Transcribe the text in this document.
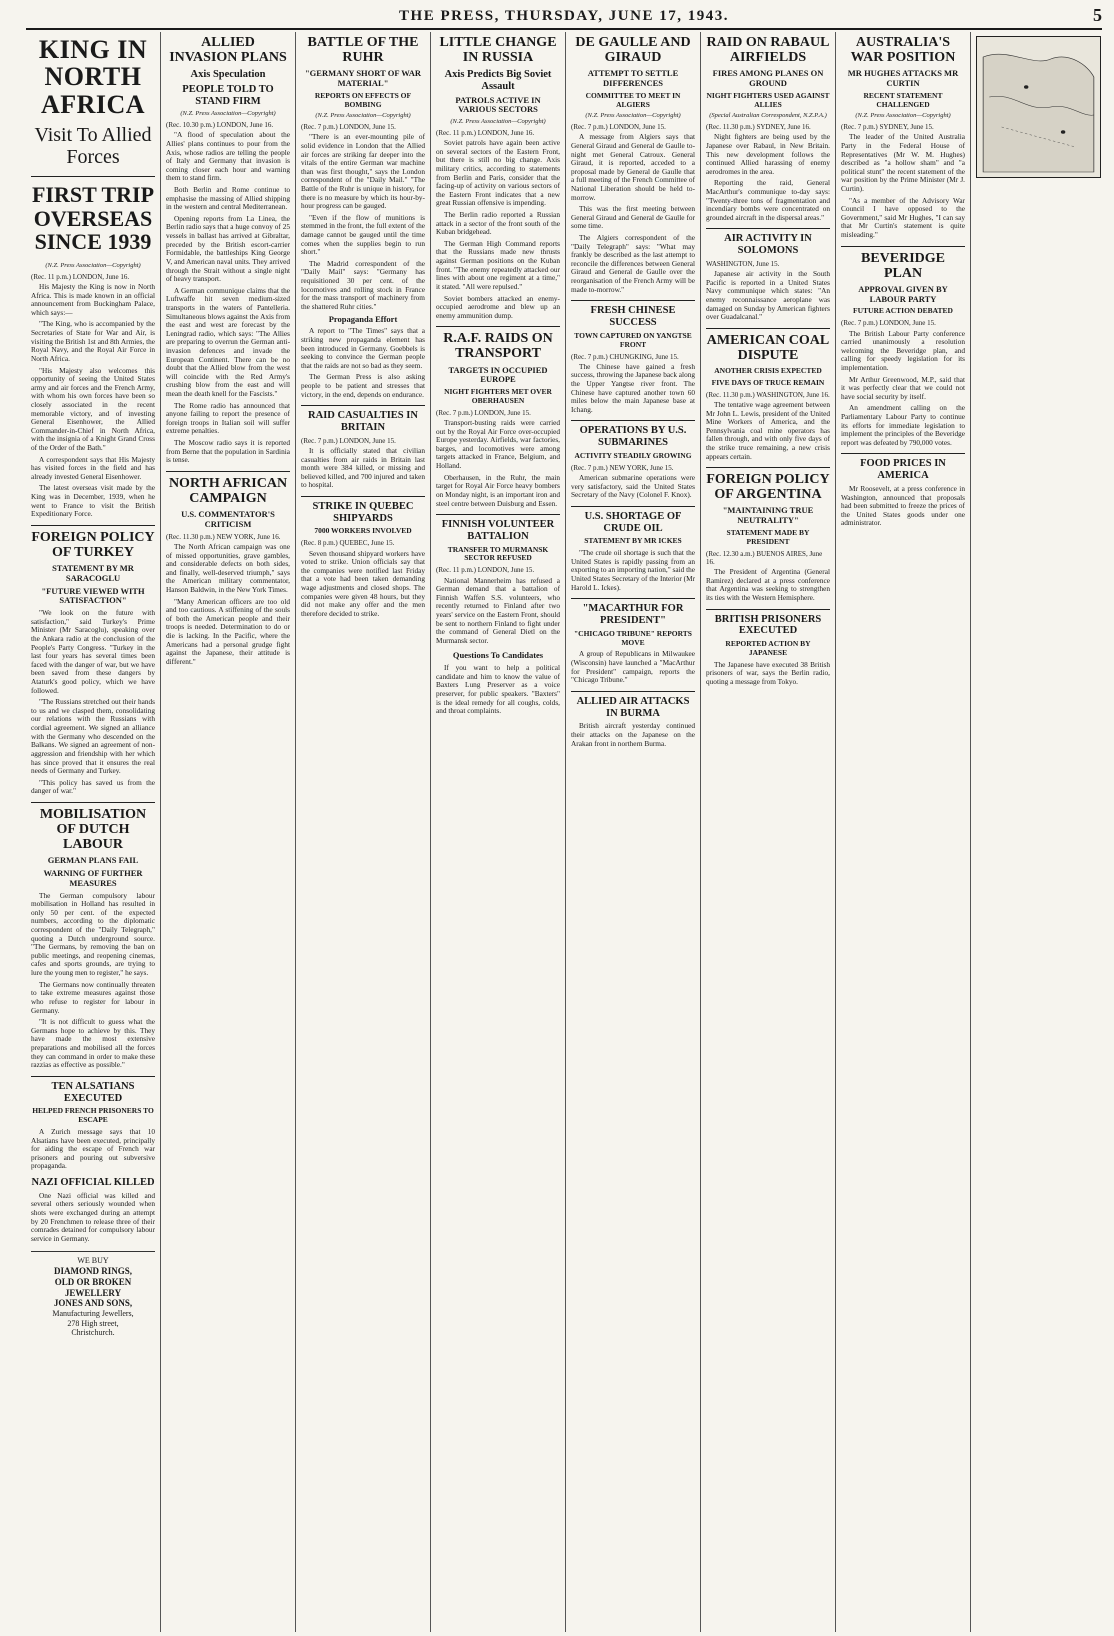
THE PRESS, THURSDAY, JUNE 17, 1943.	5
KING IN NORTH AFRICA
Visit To Allied Forces
FIRST TRIP OVERSEAS SINCE 1939
(N.Z. Press Association—Copyright)
(Rec. 11 p.m.) LONDON, June 16.

His Majesty the King is now in North Africa. This is made known in an official announcement from Buckingham Palace, which says:—

"The King, who is accompanied by the Secretaries of State for War and Air, is visiting the British 1st and 8th Armies, the Royal Navy, and the Royal Air Force in North Africa.

"His Majesty also welcomes this opportunity of seeing the United States army and air forces and the French Army, with whom his own forces have been so closely associated in the recent memorable victory, and of investing General Eisenhower, the Allied Commander-in-Chief in North Africa, with the insignia of a Knight Grand Cross of the Order of the Bath."

A correspondent says that His Majesty has visited forces in the field and has already invested General Eisenhower.

The latest overseas visit made by the King was in December, 1939, when he went to France to visit the British Expeditionary Force.

FOREIGN POLICY OF TURKEY
STATEMENT BY MR SARACOGLU
"FUTURE VIEWED WITH SATISFACTION"

"We look on the future with satisfaction," said Turkey's Prime Minister (Mr Saracoglu), speaking over the Ankara radio at the conclusion of the People's Party Congress. "Turkey in the last four years has several times been faced with the danger of war, but we have been saved from these dangers by Ataturk's good policy, which we have followed.

"The Russians stretched out their hands to us and we clasped them, consolidating our relations with the Russians with cordial agreement. We signed an alliance with the Germany who descended on the Balkans. We signed an agreement of non-aggression and friendship with her which has since proved that it ensures the real needs of Germany and Turkey.

"This policy has saved us from the danger of war."

MOBILISATION OF DUTCH LABOUR
GERMAN PLANS FAIL
WARNING OF FURTHER MEASURES

The German compulsory labour mobilisation in Holland has resulted in only 50 per cent. of the expected numbers, according to the diplomatic correspondent of the "Daily Telegraph," quoting a Dutch underground source. "The Germans, by removing the ban on public meetings, and reopening cinemas, cafes and sports grounds, are trying to lure the young men to register," he says.

The Germans now continually threaten to take extreme measures against those who refuse to register for labour in Germany.

"It is not difficult to guess what the Germans hope to achieve by this. They have made the most extensive preparations and mobilised all the forces they can command in order to make these razzias as effective as possible."

TEN ALSATIANS EXECUTED
HELPED FRENCH PRISONERS TO ESCAPE

A Zurich message says that 10 Alsatians have been executed, principally for aiding the escape of French war prisoners and pouring out subversive propaganda.

NAZI OFFICIAL KILLED

One Nazi official was killed and several others seriously wounded when shots were exchanged during an attempt by 20 Frenchmen to release three of their comrades detained for compulsory labour service in Germany.

WE BUY
DIAMOND RINGS,
OLD OR BROKEN JEWELLERY
JONES AND SONS,
Manufacturing Jewellers,
278 High street,
Christchurch.
ALLIED INVASION PLANS
Axis Speculation
PEOPLE TOLD TO STAND FIRM
(N.Z. Press Association—Copyright)
(Rec. 10.30 p.m.) LONDON, June 16.

"A flood of speculation about the Allies' plans continues to pour from the Axis, whose radios are telling the people of Italy and Germany that invasion is coming closer each hour and warning them to stand firm.

Both Berlin and Rome continue to emphasise the massing of Allied shipping in the western and central Mediterranean.

Opening reports from La Linea, the Berlin radio says that a huge convoy of 25 vessels in ballast has arrived at Gibraltar, preceded by the British escort-carrier Formidable, the battleships King George V, and American naval units. They arrived through the Strait without a single night of heavy transport.

A German communique claims that the Luftwaffe hit seven medium-sized transports in the waters of Pantelleria. Simultaneous blows against the Axis from the east and west are forecast by the Leningrad radio, which says: "The Allies are preparing to overrun the German anti-invasion defences and invade the European Continent. There can be no doubt that the Allied blow from the west will coincide with the Red Army's crushing blow from the east and will mean the death knell for the Fascists."

The Rome radio has announced that anyone failing to report the presence of foreign troops in Italian soil will suffer extreme penalties.

The Moscow radio says it is reported from Berne that the population in Sardinia is tense.

NORTH AFRICAN CAMPAIGN
U.S. COMMENTATOR'S CRITICISM
(Rec. 11.30 p.m.) NEW YORK, June 16.

The North African campaign was one of missed opportunities, grave gambles, and considerable defects on both sides, and finally, well-deserved triumph," says the American military commentator, Hanson Baldwin, in the New York Times.

"Many American officers are too old and too cautious. A stiffening of the souls of both the American people and their troops is needed. Determination to do or die is lacking. In the Pacific, where the Americans had a personal grudge fight against the Japanese, their attitude is different."

BATTLE OF THE RUHR
"GERMANY SHORT OF WAR MATERIAL"
REPORTS ON EFFECTS OF BOMBING
(N.Z. Press Association—Copyright)
(Rec. 7 p.m.) LONDON, June 15.

"There is an ever-mounting pile of solid evidence in London that the Allied air forces are striking far deeper into the vitals of the entire German war machine than was first thought," says the London correspondent of the "Daily Mail." "The Battle of the Ruhr is unique in history, for there is no measure by which its hour-by-hour progress can be gauged.

"Even if the flow of munitions is stemmed in the front, the full extent of the damage cannot be gauged until the time comes when the supplies begin to run short."

The Madrid correspondent of the "Daily Mail" says: "Germany has requisitioned 30 per cent. of the locomotives and rolling stock in France for the mass transport of machinery from the shattered Ruhr cities."

Propaganda Effort

A report to "The Times" says that a striking new propaganda element has been introduced in Germany. Goebbels is seeking to convince the German people that the raids are not so bad as they seem.

The German Press is also asking people to be patient and stresses that victory, in the end, depends on endurance.

RAID CASUALTIES IN BRITAIN
(Rec. 7 p.m.) LONDON, June 15.

It is officially stated that civilian casualties from air raids in Britain last month were 384 killed, or missing and believed killed, and 700 injured and taken to hospital.

STRIKE IN QUEBEC SHIPYARDS
7000 WORKERS INVOLVED
(Rec. 8 p.m.) QUEBEC, June 15.

Seven thousand shipyard workers have voted to strike. Union officials say that the companies were notified last Friday that a vote had been taken demanding wage adjustments and closed shops. The companies were given 48 hours, but they did not make any offer and the men therefore decided to strike.

LITTLE CHANGE IN RUSSIA
Axis Predicts Big Soviet Assault
PATROLS ACTIVE IN VARIOUS SECTORS
(N.Z. Press Association—Copyright)
(Rec. 11 p.m.) LONDON, June 16.

Soviet patrols have again been active on several sectors of the Eastern Front, but there is still no big change. Axis military critics, according to statements from Berlin and Paris, consider that the facing-up of activity on various sectors of the Eastern Front indicates that a new great Russian offensive is impending.

The Berlin radio reported a Russian attack in a sector of the front south of the Kuban bridgehead.

The German High Command reports that the Russians made new thrusts against German positions on the Kuban front. "The enemy repeatedly attacked our lines with about one regiment at a time," it stated. "All were repulsed."

Soviet bombers attacked an enemy-occupied aerodrome and blew up an enemy ammunition dump.

R.A.F. RAIDS ON TRANSPORT
TARGETS IN OCCUPIED EUROPE
NIGHT FIGHTERS MET OVER OBERHAUSEN
(Rec. 7 p.m.) LONDON, June 15.

Transport-busting raids were carried out by the Royal Air Force over-occupied Europe yesterday. Airfields, war factories, barges, and locomotives were among targets attacked in France, Belgium, and Holland.

Oberhausen, in the Ruhr, the main target for Royal Air Force heavy bombers on Monday night, is an important iron and steel centre between Duisburg and Essen.

FINNISH VOLUNTEER BATTALION
TRANSFER TO MURMANSK SECTOR REFUSED
(Rec. 11 p.m.) LONDON, June 15.

National Mannerheim has refused a German demand that a battalion of Finnish Waffen S.S. volunteers, who recently returned to Finland after two years' service on the Eastern Front, should be sent to northern Finland to fight under the command of General Dietl on the Murmansk sector.

Questions To Candidates

If you want to help a political candidate and him to know the value of Baxters Lung Preserver as a voice preserver, for public speakers. "Baxters" is the ideal remedy for all coughs, colds, and throat complaints.

DE GAULLE AND GIRAUD
ATTEMPT TO SETTLE DIFFERENCES
COMMITTEE TO MEET IN ALGIERS
(N.Z. Press Association—Copyright)
(Rec. 7 p.m.) LONDON, June 15.

A message from Algiers says that General Giraud and General de Gaulle to-night met General Catroux. General Giraud, it is reported, acceded to a proposal made by General de Gaulle that a full meeting of the French Committee of National Liberation should be held to-morrow.

This was the first meeting between General Giraud and General de Gaulle for some time.

The Algiers correspondent of the "Daily Telegraph" says: "What may frankly be described as the last attempt to reconcile the differences between General Giraud and General de Gaulle over the reorganisation of the French Army will be made to-morrow."

FRESH CHINESE SUCCESS
TOWN CAPTURED ON YANGTSE FRONT
(Rec. 7 p.m.) CHUNGKING, June 15.

The Chinese have gained a fresh success, throwing the Japanese back along the Upper Yangtse river front. The Chinese have captured another town 60 miles below the main Japanese base at Ichang.

OPERATIONS BY U.S. SUBMARINES
ACTIVITY STEADILY GROWING
(Rec. 7 p.m.) NEW YORK, June 15.

American submarine operations were very satisfactory, said the United States Secretary of the Navy (Colonel F. Knox).

U.S. SHORTAGE OF CRUDE OIL
STATEMENT BY MR ICKES

"The crude oil shortage is such that the United States is rapidly passing from an exporting to an importing nation," said the United States Secretary of the Interior (Mr Harold L. Ickes).

"MACARTHUR FOR PRESIDENT"
"CHICAGO TRIBUNE" REPORTS MOVE

A group of Republicans in Milwaukee (Wisconsin) have launched a "MacArthur for President" campaign, reports the "Chicago Tribune."

ALLIED AIR ATTACKS IN BURMA

British aircraft yesterday continued their attacks on the Japanese on the Arakan front in northern Burma.

RAID ON RABAUL AIRFIELDS
FIRES AMONG PLANES ON GROUND
NIGHT FIGHTERS USED AGAINST ALLIES
(Special Australian Correspondent, N.Z.P.A.)
(Rec. 11.30 p.m.) SYDNEY, June 16.

Night fighters are being used by the Japanese over Rabaul, in New Britain. This new development follows the continued Allied harassing of enemy aerodromes in the area.

Reporting the raid, General MacArthur's communique to-day says: "Twenty-three tons of fragmentation and incendiary bombs were concentrated on grounded aircraft in the dispersal areas."

AIR ACTIVITY IN SOLOMONS
WASHINGTON, June 15.

Japanese air activity in the South Pacific is reported in a United States Navy communique which states: "An enemy reconnaissance aeroplane was damaged on Sunday by American fighters over Guadalcanal."

AMERICAN COAL DISPUTE
ANOTHER CRISIS EXPECTED
FIVE DAYS OF TRUCE REMAIN
(Rec. 11.30 p.m.) WASHINGTON, June 16.

The tentative wage agreement between Mr John L. Lewis, president of the United Mine Workers of America, and the Pennsylvania coal mine operators has fallen through, and with only five days of the strike truce remaining, a new crisis appears certain.

FOREIGN POLICY OF ARGENTINA
"MAINTAINING TRUE NEUTRALITY"
STATEMENT MADE BY PRESIDENT
(Rec. 12.30 a.m.) BUENOS AIRES, June 16.

The President of Argentina (General Ramirez) declared at a press conference that Argentina was seeking to strengthen its ties with the Western Hemisphere.

BRITISH PRISONERS EXECUTED
REPORTED ACTION BY JAPANESE

The Japanese have executed 38 British prisoners of war, says the Berlin radio, quoting a message from Tokyo.

AUSTRALIA'S WAR POSITION
MR HUGHES ATTACKS MR CURTIN
RECENT STATEMENT CHALLENGED
(N.Z. Press Association—Copyright)
(Rec. 7 p.m.) SYDNEY, June 15.

The leader of the United Australia Party in the Federal House of Representatives (Mr W. M. Hughes) described as "a hollow sham" and "a political stunt" the recent statement of the war position by the Prime Minister (Mr J. Curtin).

"As a member of the Advisory War Council I have opposed to the Government," said Mr Hughes, "I can say that Mr Curtin's statement is quite misleading."

BEVERIDGE PLAN
APPROVAL GIVEN BY LABOUR PARTY
FUTURE ACTION DEBATED
(Rec. 7 p.m.) LONDON, June 15.

The British Labour Party conference carried unanimously a resolution welcoming the Beveridge plan, and calling for speedy legislation for its implementation.

Mr Arthur Greenwood, M.P., said that it was perfectly clear that we could not have social security by itself.

An amendment calling on the Parliamentary Labour Party to continue its efforts for immediate legislation to implement the principles of the Beveridge report was defeated by 790,000 votes.

FOOD PRICES IN AMERICA

Mr Roosevelt, at a press conference in Washington, announced that proposals had been submitted to freeze the prices of the United States goods under one administrator.
